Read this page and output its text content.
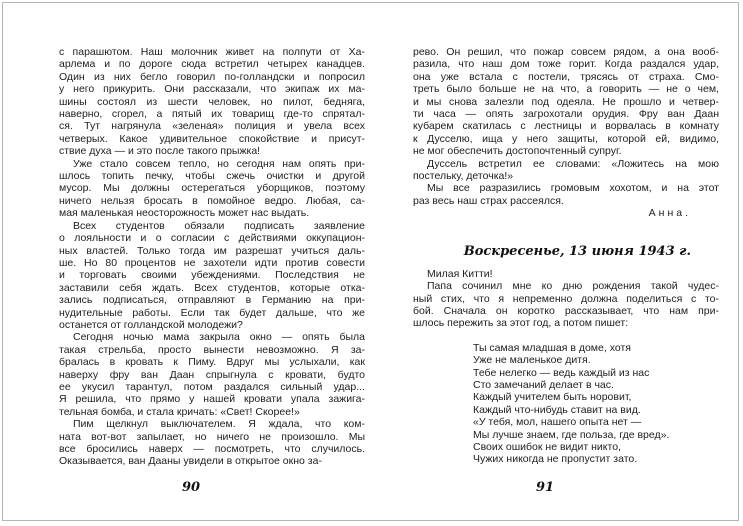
с парашютом. Наш молочник живет на полпути от Ха-
арлема и по дороге сюда встретил четырех канадцев.
Один из них бегло говорил по-голландски и попросил
у него прикурить. Они рассказали, что экипаж их ма-
шины состоял из шести человек, но пилот, бедняга,
наверно, сгорел, а пятый их товарищ где-то спрятал-
ся. Тут нагрянула «зеленая» полиция и увела всех
четверых. Какое удивительное спокойствие и присут-
ствие духа — и это после такого прыжка!
Уже стало совсем тепло, но сегодня нам опять при-
шлось топить печку, чтобы сжечь очистки и другой
мусор. Мы должны остерегаться уборщиков, поэтому
ничего нельзя бросать в помойное ведро. Любая, са-
мая маленькая неосторожность может нас выдать.
Всех студентов обязали подписать заявление
о лояльности и о согласии с действиями оккупацион-
ных властей. Только тогда им разрешат учиться даль-
ше. Но 80 процентов не захотели идти против совести
и торговать своими убеждениями. Последствия не
заставили себя ждать. Всех студентов, которые отка-
зались подписаться, отправляют в Германию на при-
нудительные работы. Если так будет дальше, что же
останется от голландской молодежи?
Сегодня ночью мама закрыла окно — опять была
такая стрельба, просто вынести невозможно. Я за-
бралась в кровать к Пиму. Вдруг мы услыхали, как
наверху фру ван Даан спрыгнула с кровати, будто
ее укусил тарантул, потом раздался сильный удар...
Я решила, что прямо у нашей кровати упала зажига-
тельная бомба, и стала кричать: «Свет! Скорее!»
Пим щелкнул выключателем. Я ждала, что ком-
ната вот-вот запылает, но ничего не произошло. Мы
все бросились наверх — посмотреть, что случилось.
Оказывается, ван Дааны увидели в открытое окно за-
рево. Он решил, что пожар совсем рядом, а она вооб-
разила, что наш дом тоже горит. Когда раздался удар,
она уже встала с постели, трясясь от страха. Смо-
треть было больше не на что, а говорить — не о чем,
и мы снова залезли под одеяла. Не прошло и четвер-
ти часа — опять загрохотали орудия. Фру ван Даан
кубарем скатилась с лестницы и ворвалась в комнату
к Дусселю, ища у него защиты, которой ей, видимо,
не мог обеспечить достопочтенный супруг.
Дуссель встретил ее словами: «Ложитесь на мою
постельку, деточка!»
Мы все разразились громовым хохотом, и на этот
раз весь наш страх рассеялся.
Анна.
Воскресенье, 13 июня 1943 г.
Милая Китти!
Папа сочинил мне ко дню рождения такой чудес-
ный стих, что я непременно должна поделиться с то-
бой. Сначала он коротко рассказывает, что нам при-
шлось пережить за этот год, а потом пишет:
Ты самая младшая в доме, хотя
Уже не маленькое дитя.
Тебе нелегко — ведь каждый из нас
Сто замечаний делает в час.
Каждый учителем быть норовит,
Каждый что-нибудь ставит на вид.
«У тебя, мол, нашего опыта нет —
Мы лучше знаем, где польза, где вред».
Своих ошибок не видит никто,
Чужих никогда не пропустит зато.
90	91
